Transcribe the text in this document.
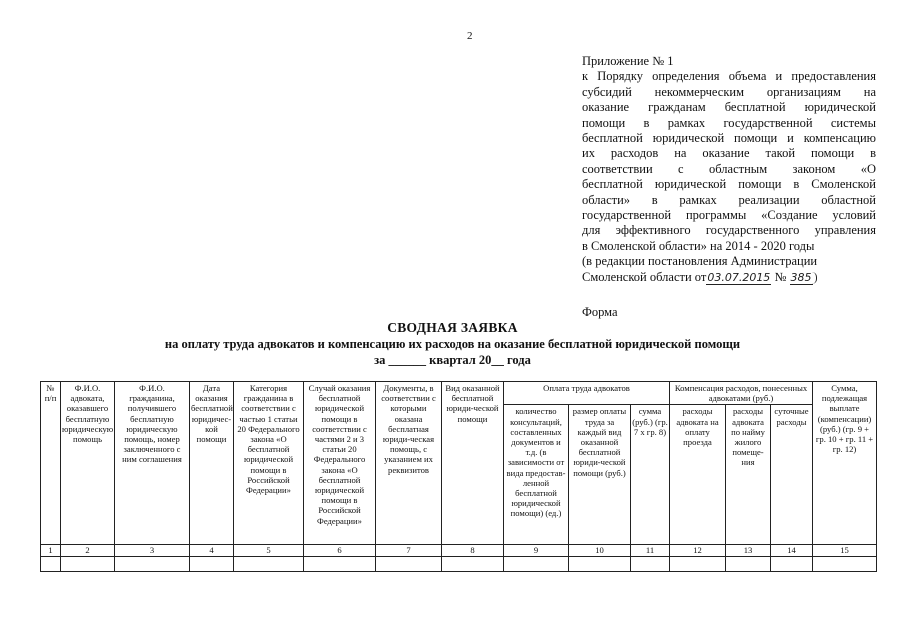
2
Приложение № 1
к Порядку определения объема и предоставления
субсидий некоммерческим организациям на
оказание гражданам бесплатной юридической
помощи в рамках государственной системы
бесплатной юридической помощи и компенсацию
их расходов на оказание такой помощи в
соответствии с областным законом «О
бесплатной юридической помощи в Смоленской
области» в рамках реализации областной
государственной программы «Создание условий
для эффективного государственного управления
в Смоленской области» на 2014 - 2020 годы
(в редакции постановления Администрации
Смоленской области от03.07.2015 № 385
Форма
СВОДНАЯ ЗАЯВКА
на оплату труда адвокатов и компенсацию их расходов на оказание бесплатной юридической помощи
за ______ квартал 20__ года
№ п/п	Ф.И.О. адвоката, оказавшего бесплатную юридическую помощь	Ф.И.О. гражданина, получившего бесплатную юридическую помощь, номер заключенного с ним соглашения	Дата оказания бесплатной юридичес-кой помощи	Категория гражданина в соответствии с частью 1 статьи 20 Федерального закона «О бесплатной юридической помощи в Российской Федерации»	Случай оказания бесплатной юридической помощи в соответствии с частями 2 и 3 статьи 20 Федерального закона «О бесплатной юридической помощи в Российской Федерации»	Документы, в соответствии с которыми оказана бесплатная юриди-ческая помощь, с указанием их реквизитов	Вид оказанной бесплатной юриди-ческой помощи	Оплата труда адвокатов			Компенсация расходов, понесенных адвокатами (руб.)			Сумма, подлежащая выплате (компенсации) (руб.) (гр. 9 + гр. 10 + гр. 11 + гр. 12)
								количество консультаций, составленных документов и т.д. (в зависимости от вида предостав-ленной бесплатной юридической помощи) (ед.)	размер оплаты труда за каждый вид оказанной бесплатной юриди-ческой помощи (руб.)	сумма (руб.) (гр. 7 х гр. 8)	расходы адвоката на оплату проезда	расходы адвоката по найму жилого помеще-ния	суточные расходы	
1	2	3	4	5	6	7	8	9	10	11	12	13	14	15
